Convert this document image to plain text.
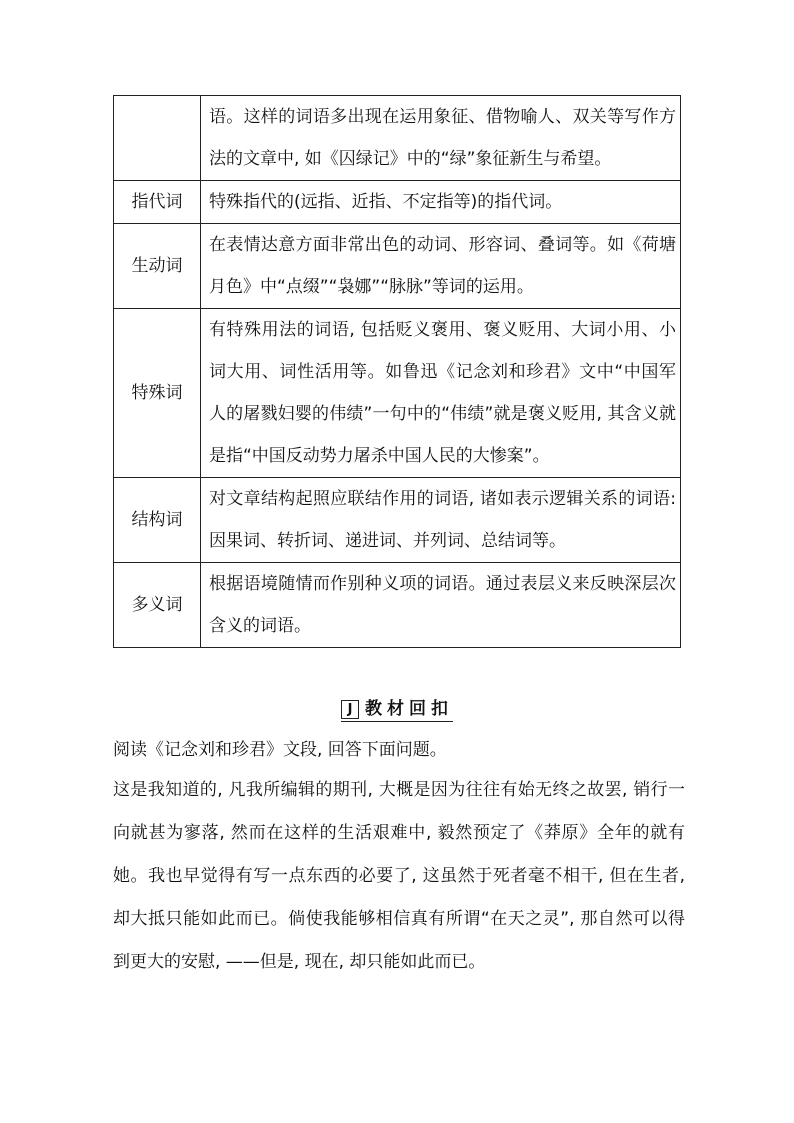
	语。这样的词语多出现在运用象征、借物喻人、双关等写作方法的文章中, 如《囚绿记》中的“绿”象征新生与希望。
指代词	特殊指代的(远指、近指、不定指等)的指代词。
生动词	在表情达意方面非常出色的动词、形容词、叠词等。如《荷塘月色》中“点缀”“袅娜”“脉脉”等词的运用。
特殊词	有特殊用法的词语, 包括贬义褒用、褒义贬用、大词小用、小词大用、词性活用等。如鲁迅《记念刘和珍君》文中“中国军人的屠戮妇婴的伟绩”一句中的“伟绩”就是褒义贬用, 其含义就是指“中国反动势力屠杀中国人民的大惨案”。
结构词	对文章结构起照应联结作用的词语, 诸如表示逻辑关系的词语:因果词、转折词、递进词、并列词、总结词等。
多义词	根据语境随情而作别种义项的词语。通过表层义来反映深层次含义的词语。
J 教材回扣

阅读《记念刘和珍君》文段, 回答下面问题。

这是我知道的, 凡我所编辑的期刊, 大概是因为往往有始无终之故罢, 销行一向就甚为寥落, 然而在这样的生活艰难中, 毅然预定了《莽原》全年的就有她。我也早觉得有写一点东西的必要了, 这虽然于死者毫不相干, 但在生者, 却大抵只能如此而已。倘使我能够相信真有所谓“在天之灵”, 那自然可以得到更大的安慰, ——但是, 现在, 却只能如此而已。
